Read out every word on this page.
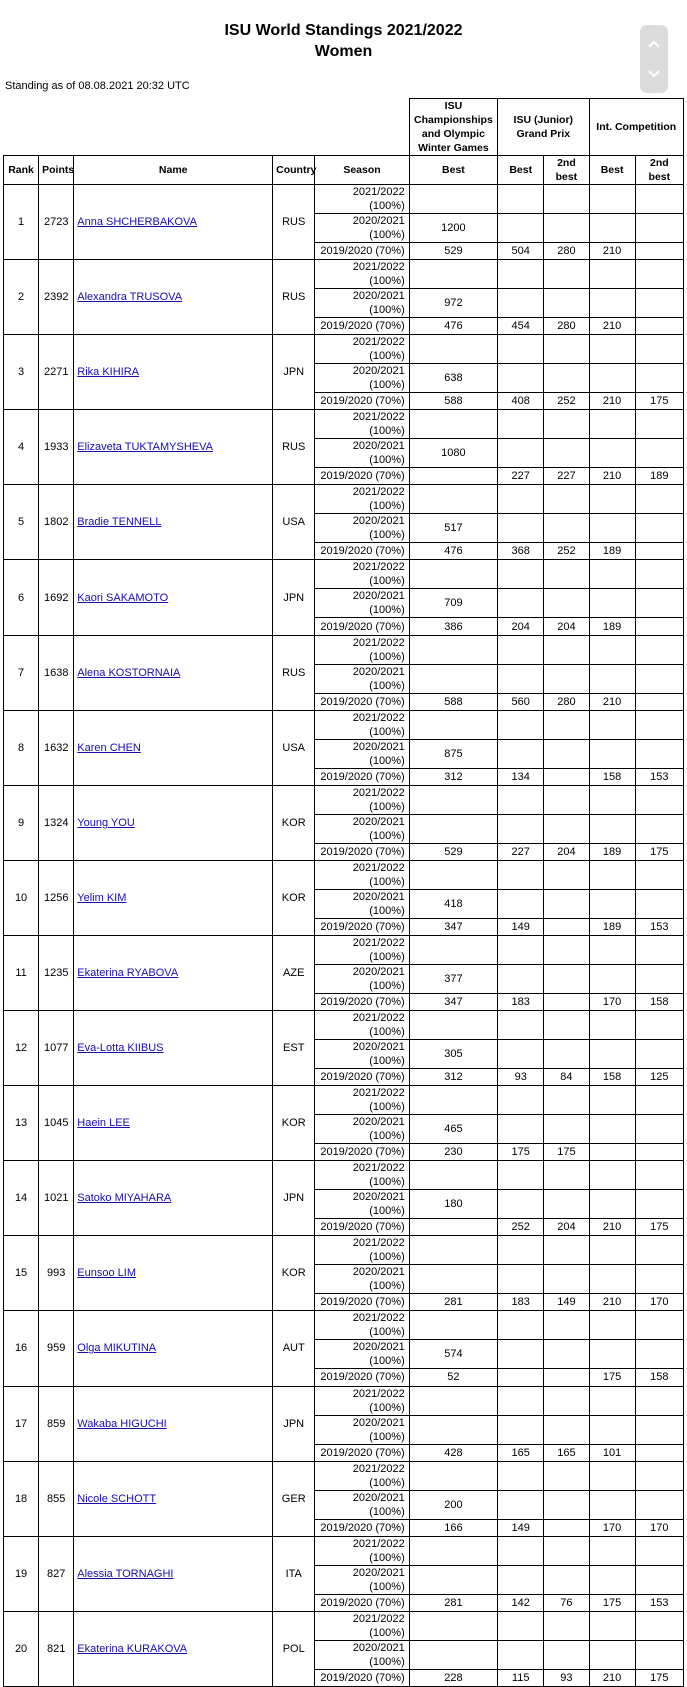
ISU World Standings 2021/2022
Women
Standing as of 08.08.2021 20:32 UTC
					ISU Championships and Olympic Winter Games	ISU (Junior) Grand Prix		Int. Competition	
Rank	Points	Name	Country	Season	Best	Best	2nd best	Best	2nd best
1	2723	Anna SHCHERBAKOVA	RUS	2021/2022 (100%)					
				2020/2021 (100%)	1200				
				2019/2020 (70%)	529	504	280	210	
2	2392	Alexandra TRUSOVA	RUS	2021/2022 (100%)					
				2020/2021 (100%)	972				
				2019/2020 (70%)	476	454	280	210	
3	2271	Rika KIHIRA	JPN	2021/2022 (100%)					
				2020/2021 (100%)	638				
				2019/2020 (70%)	588	408	252	210	175
4	1933	Elizaveta TUKTAMYSHEVA	RUS	2021/2022 (100%)					
				2020/2021 (100%)	1080				
				2019/2020 (70%)		227	227	210	189
5	1802	Bradie TENNELL	USA	2021/2022 (100%)					
				2020/2021 (100%)	517				
				2019/2020 (70%)	476	368	252	189	
6	1692	Kaori SAKAMOTO	JPN	2021/2022 (100%)					
				2020/2021 (100%)	709				
				2019/2020 (70%)	386	204	204	189	
7	1638	Alena KOSTORNAIA	RUS	2021/2022 (100%)					
				2020/2021 (100%)					
				2019/2020 (70%)	588	560	280	210	
8	1632	Karen CHEN	USA	2021/2022 (100%)					
				2020/2021 (100%)	875				
				2019/2020 (70%)	312	134		158	153
9	1324	Young YOU	KOR	2021/2022 (100%)					
				2020/2021 (100%)					
				2019/2020 (70%)	529	227	204	189	175
10	1256	Yelim KIM	KOR	2021/2022 (100%)					
				2020/2021 (100%)	418				
				2019/2020 (70%)	347	149		189	153
11	1235	Ekaterina RYABOVA	AZE	2021/2022 (100%)					
				2020/2021 (100%)	377				
				2019/2020 (70%)	347	183		170	158
12	1077	Eva-Lotta KIIBUS	EST	2021/2022 (100%)					
				2020/2021 (100%)	305				
				2019/2020 (70%)	312	93	84	158	125
13	1045	Haein LEE	KOR	2021/2022 (100%)					
				2020/2021 (100%)	465				
				2019/2020 (70%)	230	175	175		
14	1021	Satoko MIYAHARA	JPN	2021/2022 (100%)					
				2020/2021 (100%)	180				
				2019/2020 (70%)		252	204	210	175
15	993	Eunsoo LIM	KOR	2021/2022 (100%)					
				2020/2021 (100%)					
				2019/2020 (70%)	281	183	149	210	170
16	959	Olga MIKUTINA	AUT	2021/2022 (100%)					
				2020/2021 (100%)	574				
				2019/2020 (70%)	52			175	158
17	859	Wakaba HIGUCHI	JPN	2021/2022 (100%)					
				2020/2021 (100%)					
				2019/2020 (70%)	428	165	165	101	
18	855	Nicole SCHOTT	GER	2021/2022 (100%)					
				2020/2021 (100%)	200				
				2019/2020 (70%)	166	149		170	170
19	827	Alessia TORNAGHI	ITA	2021/2022 (100%)					
				2020/2021 (100%)					
				2019/2020 (70%)	281	142	76	175	153
20	821	Ekaterina KURAKOVA	POL	2021/2022 (100%)					
				2020/2021 (100%)					
				2019/2020 (70%)	228	115	93	210	175
